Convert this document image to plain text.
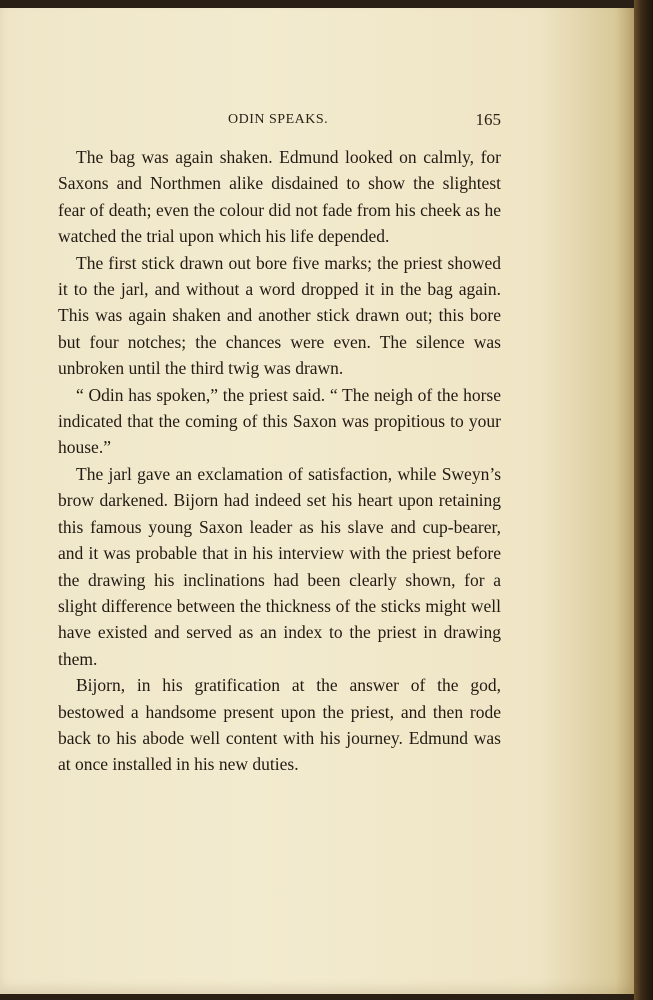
ODIN SPEAKS.	165

The bag was again shaken. Edmund looked on calmly, for Saxons and Northmen alike disdained to show the slightest fear of death; even the colour did not fade from his cheek as he watched the trial upon which his life depended.

The first stick drawn out bore five marks; the priest showed it to the jarl, and without a word dropped it in the bag again. This was again shaken and another stick drawn out; this bore but four notches; the chances were even. The silence was unbroken until the third twig was drawn.

“ Odin has spoken,” the priest said. “ The neigh of the horse indicated that the coming of this Saxon was propitious to your house.”

The jarl gave an exclamation of satisfaction, while Sweyn’s brow darkened. Bijorn had indeed set his heart upon retaining this famous young Saxon leader as his slave and cup-bearer, and it was probable that in his interview with the priest before the drawing his inclinations had been clearly shown, for a slight difference between the thickness of the sticks might well have existed and served as an index to the priest in drawing them.

Bijorn, in his gratification at the answer of the god, bestowed a handsome present upon the priest, and then rode back to his abode well content with his journey. Edmund was at once installed in his new duties.
